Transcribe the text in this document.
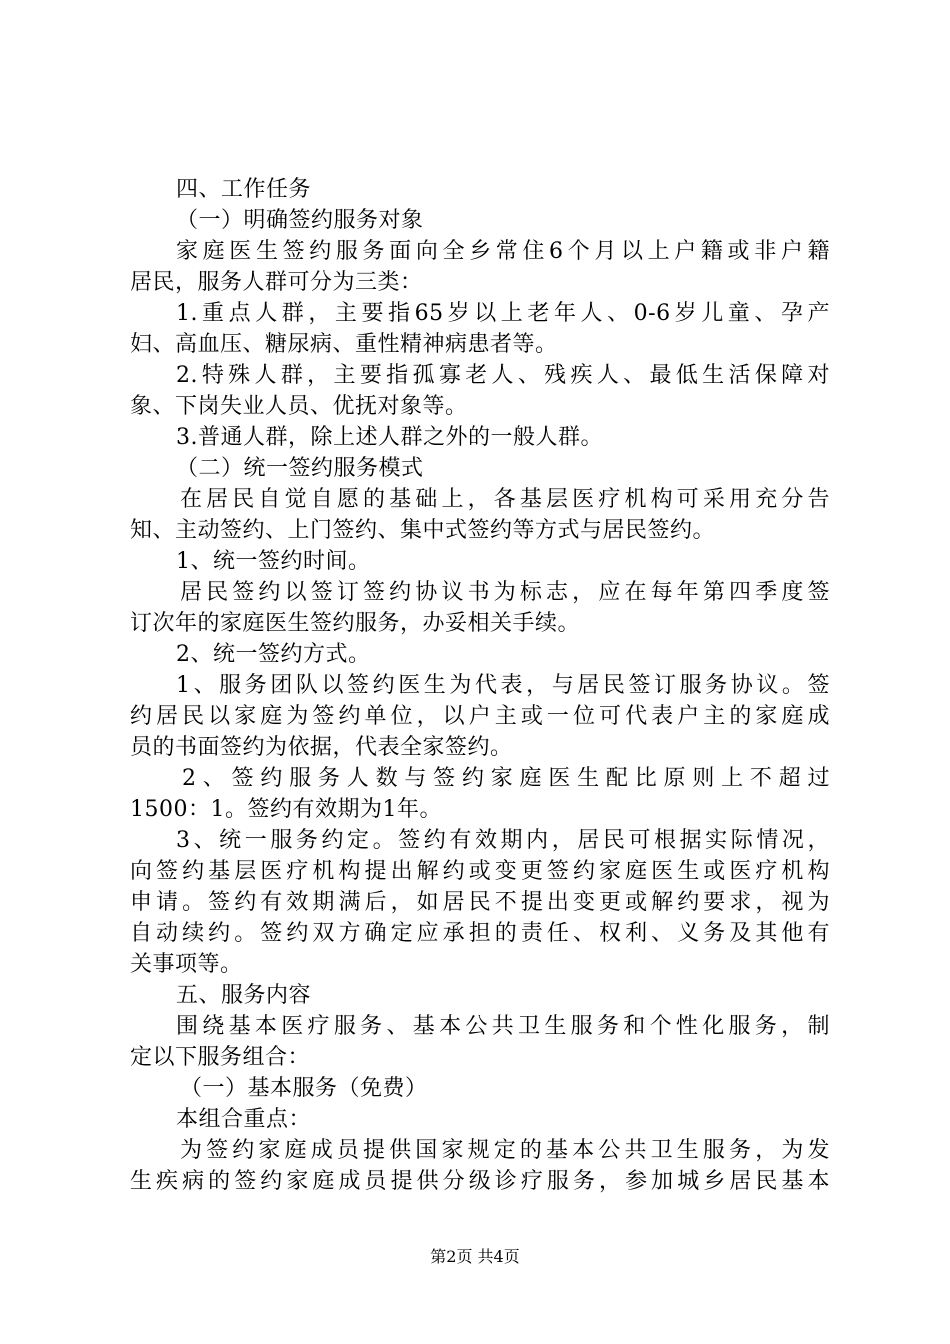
四、工作任务
（一）明确签约服务对象
家庭医生签约服务面向全乡常住6个月以上户籍或非户籍
居民，服务人群可分为三类：
1.重点人群，主要指65岁以上老年人、0-6岁儿童、孕产
妇、高血压、糖尿病、重性精神病患者等。
2.特殊人群，主要指孤寡老人、残疾人、最低生活保障对
象、下岗失业人员、优抚对象等。
3.普通人群，除上述人群之外的一般人群。
（二）统一签约服务模式
在居民自觉自愿的基础上，各基层医疗机构可采用充分告
知、主动签约、上门签约、集中式签约等方式与居民签约。
1、统一签约时间。
居民签约以签订签约协议书为标志，应在每年第四季度签
订次年的家庭医生签约服务，办妥相关手续。
2、统一签约方式。
1、服务团队以签约医生为代表，与居民签订服务协议。签
约居民以家庭为签约单位，以户主或一位可代表户主的家庭成
员的书面签约为依据，代表全家签约。
2、签约服务人数与签约家庭医生配比原则上不超过
1500：1。签约有效期为1年。
3、统一服务约定。签约有效期内，居民可根据实际情况，
向签约基层医疗机构提出解约或变更签约家庭医生或医疗机构
申请。签约有效期满后，如居民不提出变更或解约要求，视为
自动续约。签约双方确定应承担的责任、权利、义务及其他有
关事项等。
五、服务内容
围绕基本医疗服务、基本公共卫生服务和个性化服务，制
定以下服务组合：
（一）基本服务（免费）
本组合重点：
为签约家庭成员提供国家规定的基本公共卫生服务，为发
生疾病的签约家庭成员提供分级诊疗服务，参加城乡居民基本
第2页 共4页
